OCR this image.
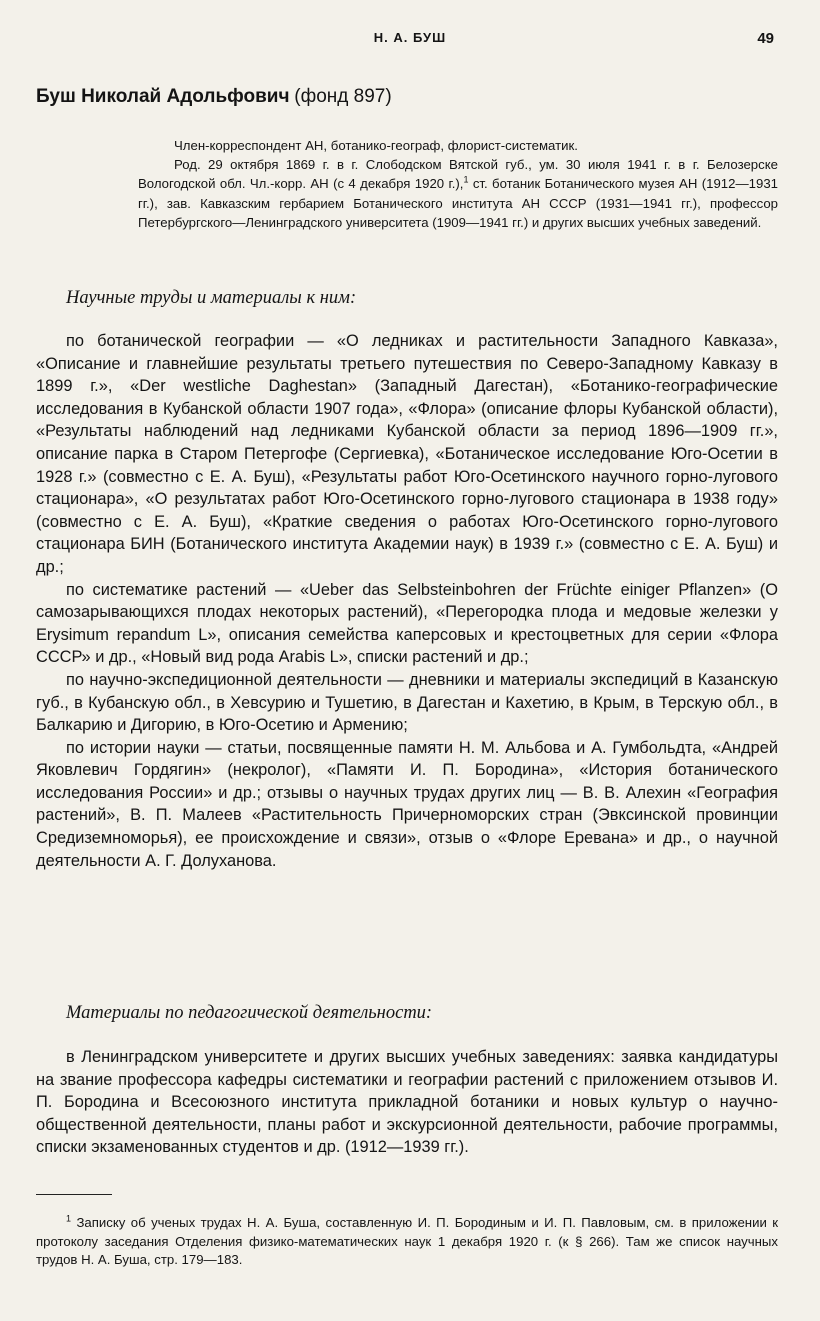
Н. А. БУШ	49
Буш Николай Адольфович (фонд 897)

Член-корреспондент АН, ботанико-географ, флорист-систематик.

Род. 29 октября 1869 г. в г. Слободском Вятской губ., ум. 30 июля 1941 г. в г. Белозерске Вологодской обл. Чл.-корр. АН (с 4 декабря 1920 г.),$^1$ ст. ботаник Ботанического музея АН (1912—1931 гг.), зав. Кавказским гербарием Ботанического института АН СССР (1931—1941 гг.), профессор Петербургского—Ленинградского университета (1909—1941 гг.) и других высших учебных заведений.

Научные труды и материалы к ним:

по ботанической географии — «О ледниках и растительности Западного Кавказа», «Описание и главнейшие результаты третьего путешествия по Северо-Западному Кавказу в 1899 г.», «Der westliche Daghestan» (Западный Дагестан), «Ботанико-географические исследования в Кубанской области 1907 года», «Флора» (описание флоры Кубанской области), «Результаты наблюдений над ледниками Кубанской области за период 1896—1909 гг.», описание парка в Старом Петергофе (Сергиевка), «Ботаническое исследование Юго-Осетии в 1928 г.» (совместно с Е. А. Буш), «Результаты работ Юго-Осетинского научного горно-лугового стационара», «О результатах работ Юго-Осетинского горно-лугового стационара в 1938 году» (совместно с Е. А. Буш), «Краткие сведения о работах Юго-Осетинского горно-лугового стационара БИН (Ботанического института Академии наук) в 1939 г.» (совместно с Е. А. Буш) и др.;

по систематике растений — «Ueber das Selbsteinbohren der Früchte einiger Pflanzen» (О самозарывающихся плодах некоторых растений), «Перегородка плода и медовые железки у Erysimum repandum L», описания семейства каперсовых и крестоцветных для серии «Флора СССР» и др., «Новый вид рода Arabis L», списки растений и др.;

по научно-экспедиционной деятельности — дневники и материалы экспедиций в Казанскую губ., в Кубанскую обл., в Хевсурию и Тушетию, в Дагестан и Кахетию, в Крым, в Терскую обл., в Балкарию и Дигорию, в Юго-Осетию и Армению;

по истории науки — статьи, посвященные памяти Н. М. Альбова и А. Гумбольдта, «Андрей Яковлевич Гордягин» (некролог), «Памяти И. П. Бородина», «История ботанического исследования России» и др.; отзывы о научных трудах других лиц — В. В. Алехин «География растений», В. П. Малеев «Растительность Причерноморских стран (Эвксинской провинции Средиземноморья), ее происхождение и связи», отзыв о «Флоре Еревана» и др., о научной деятельности А. Г. Долуханова.

Материалы по педагогической деятельности:

в Ленинградском университете и других высших учебных заведениях: заявка кандидатуры на звание профессора кафедры систематики и географии растений с приложением отзывов И. П. Бородина и Всесоюзного института прикладной ботаники и новых культур о научно-общественной деятельности, планы работ и экскурсионной деятельности, рабочие программы, списки экзаменованных студентов и др. (1912—1939 гг.).

$^1$ Записку об ученых трудах Н. А. Буша, составленную И. П. Бородиным и И. П. Павловым, см. в приложении к протоколу заседания Отделения физико-математических наук 1 декабря 1920 г. (к § 266). Там же список научных трудов Н. А. Буша, стр. 179—183.
